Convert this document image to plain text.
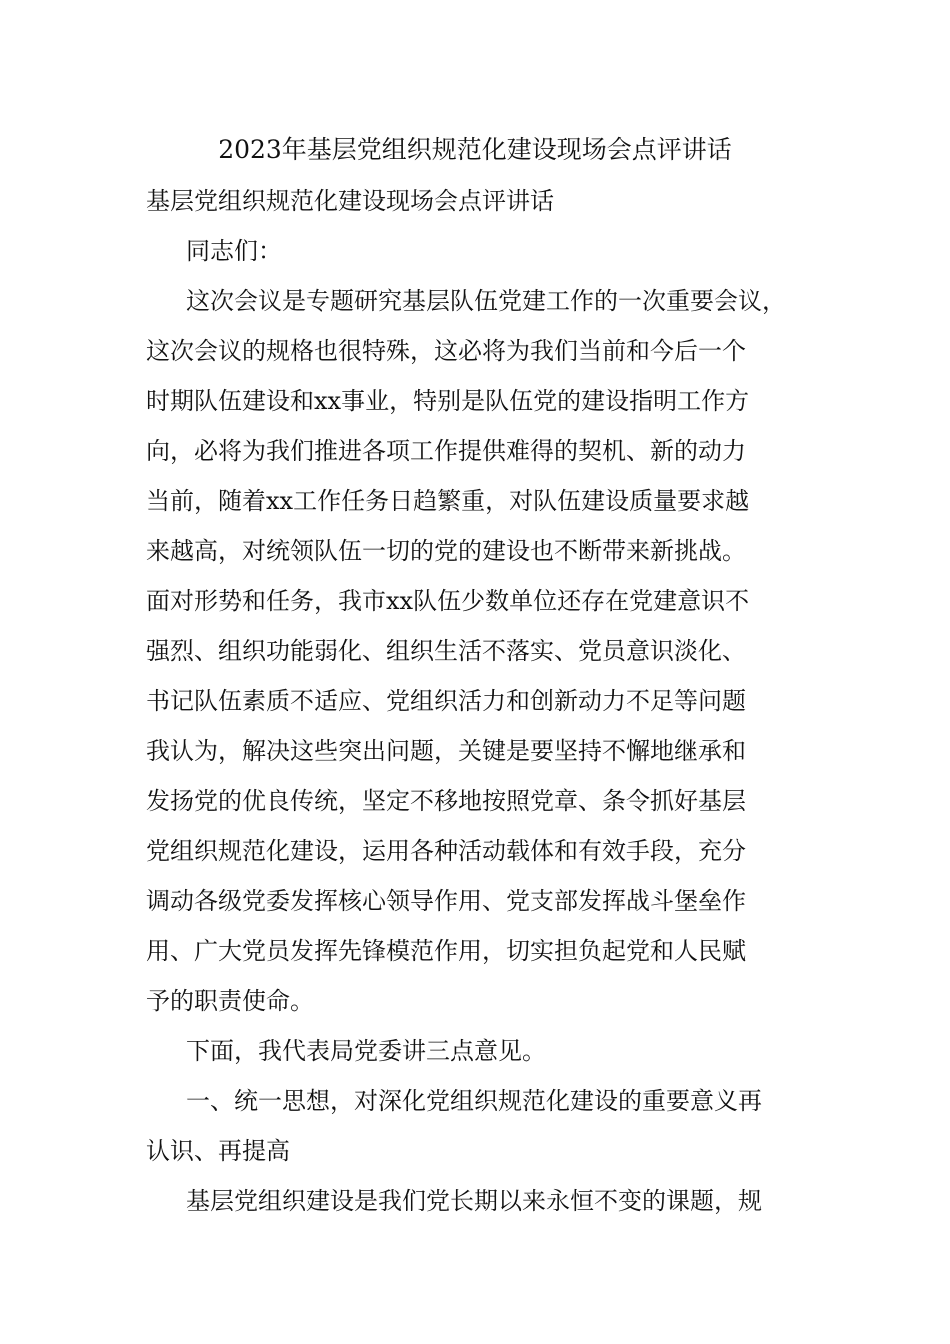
2023年基层党组织规范化建设现场会点评讲话
基层党组织规范化建设现场会点评讲话
同志们：
这次会议是专题研究基层队伍党建工作的一次重要会议，
这次会议的规格也很特殊，这必将为我们当前和今后一个
时期队伍建设和xx事业，特别是队伍党的建设指明工作方
向，必将为我们推进各项工作提供难得的契机、新的动力
当前，随着xx工作任务日趋繁重，对队伍建设质量要求越
来越高，对统领队伍一切的党的建设也不断带来新挑战。
面对形势和任务，我市xx队伍少数单位还存在党建意识不
强烈、组织功能弱化、组织生活不落实、党员意识淡化、
书记队伍素质不适应、党组织活力和创新动力不足等问题
我认为，解决这些突出问题，关键是要坚持不懈地继承和
发扬党的优良传统，坚定不移地按照党章、条令抓好基层
党组织规范化建设，运用各种活动载体和有效手段，充分
调动各级党委发挥核心领导作用、党支部发挥战斗堡垒作
用、广大党员发挥先锋模范作用，切实担负起党和人民赋
予的职责使命。
下面，我代表局党委讲三点意见。
一、统一思想，对深化党组织规范化建设的重要意义再
认识、再提高
基层党组织建设是我们党长期以来永恒不变的课题，规
